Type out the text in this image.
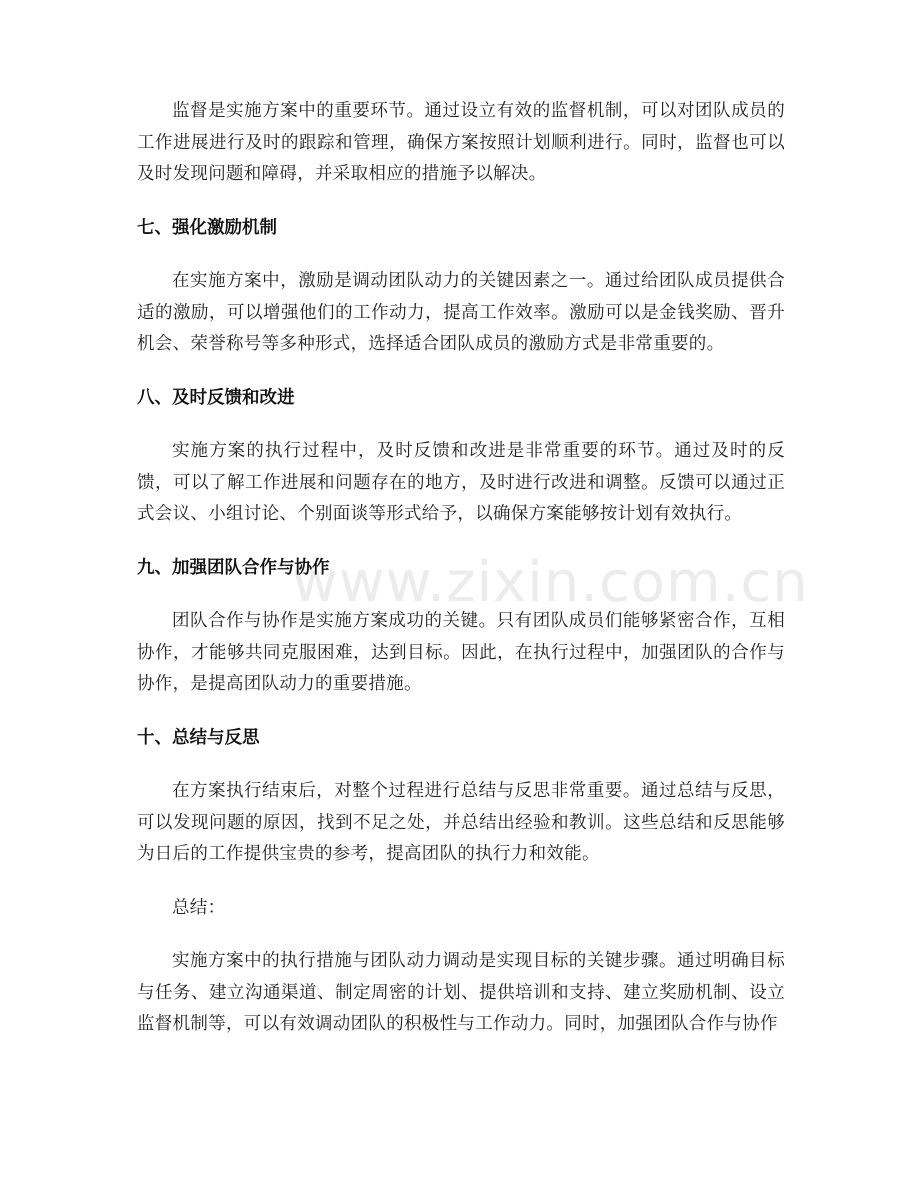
www.zixin.com.cn

监督是实施方案中的重要环节。通过设立有效的监督机制，可以对团队成员的工作进展进行及时的跟踪和管理，确保方案按照计划顺利进行。同时，监督也可以及时发现问题和障碍，并采取相应的措施予以解决。

七、强化激励机制

在实施方案中，激励是调动团队动力的关键因素之一。通过给团队成员提供合适的激励，可以增强他们的工作动力，提高工作效率。激励可以是金钱奖励、晋升机会、荣誉称号等多种形式，选择适合团队成员的激励方式是非常重要的。

八、及时反馈和改进

实施方案的执行过程中，及时反馈和改进是非常重要的环节。通过及时的反馈，可以了解工作进展和问题存在的地方，及时进行改进和调整。反馈可以通过正式会议、小组讨论、个别面谈等形式给予，以确保方案能够按计划有效执行。

九、加强团队合作与协作

团队合作与协作是实施方案成功的关键。只有团队成员们能够紧密合作，互相协作，才能够共同克服困难，达到目标。因此，在执行过程中，加强团队的合作与协作，是提高团队动力的重要措施。

十、总结与反思

在方案执行结束后，对整个过程进行总结与反思非常重要。通过总结与反思，可以发现问题的原因，找到不足之处，并总结出经验和教训。这些总结和反思能够为日后的工作提供宝贵的参考，提高团队的执行力和效能。

总结：

实施方案中的执行措施与团队动力调动是实现目标的关键步骤。通过明确目标与任务、建立沟通渠道、制定周密的计划、提供培训和支持、建立奖励机制、设立监督机制等，可以有效调动团队的积极性与工作动力。同时，加强团队合作与协作
